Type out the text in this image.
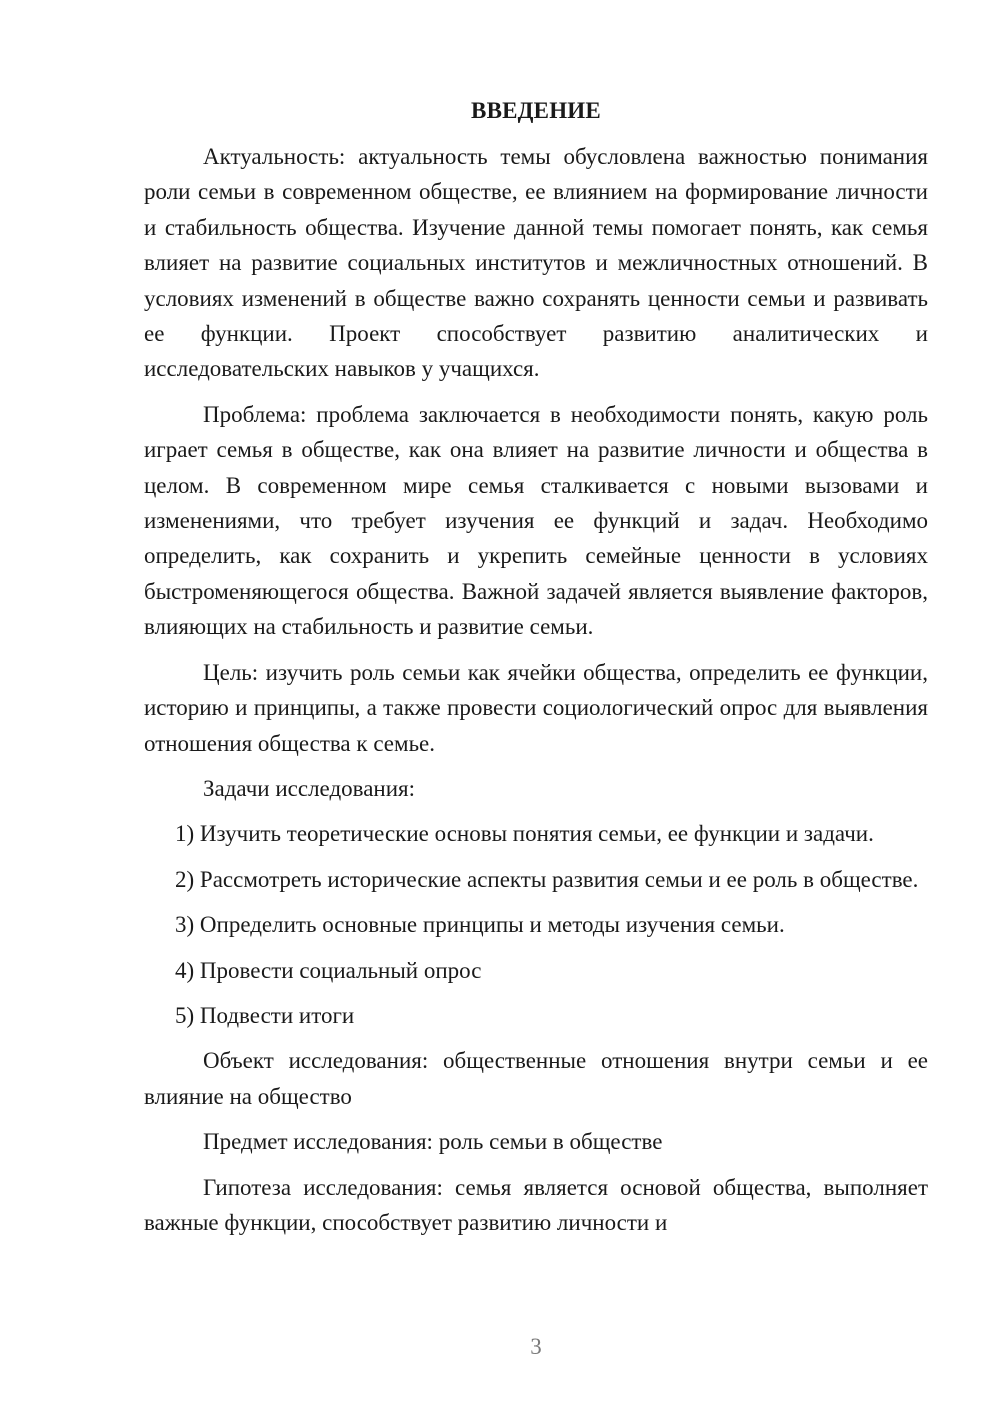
ВВЕДЕНИЕ

Актуальность: актуальность темы обусловлена важностью понимания роли семьи в современном обществе, ее влиянием на формирование личности и стабильность общества. Изучение данной темы помогает понять, как семья влияет на развитие социальных институтов и межличностных отношений. В условиях изменений в обществе важно сохранять ценности семьи и развивать ее функции. Проект способствует развитию аналитических и исследовательских навыков у учащихся.

Проблема: проблема заключается в необходимости понять, какую роль играет семья в обществе, как она влияет на развитие личности и общества в целом. В современном мире семья сталкивается с новыми вызовами и изменениями, что требует изучения ее функций и задач. Необходимо определить, как сохранить и укрепить семейные ценности в условиях быстроменяющегося общества. Важной задачей является выявление факторов, влияющих на стабильность и развитие семьи.

Цель: изучить роль семьи как ячейки общества, определить ее функции, историю и принципы, а также провести социологический опрос для выявления отношения общества к семье.

Задачи исследования:

1) Изучить теоретические основы понятия семьи, ее функции и задачи.

2) Рассмотреть исторические аспекты развития семьи и ее роль в обществе.

3) Определить основные принципы и методы изучения семьи.

4) Провести социальный опрос

5) Подвести итоги

Объект исследования: общественные отношения внутри семьи и ее влияние на общество

Предмет исследования: роль семьи в обществе

Гипотеза исследования: семья является основой общества, выполняет важные функции, способствует развитию личности и

3
